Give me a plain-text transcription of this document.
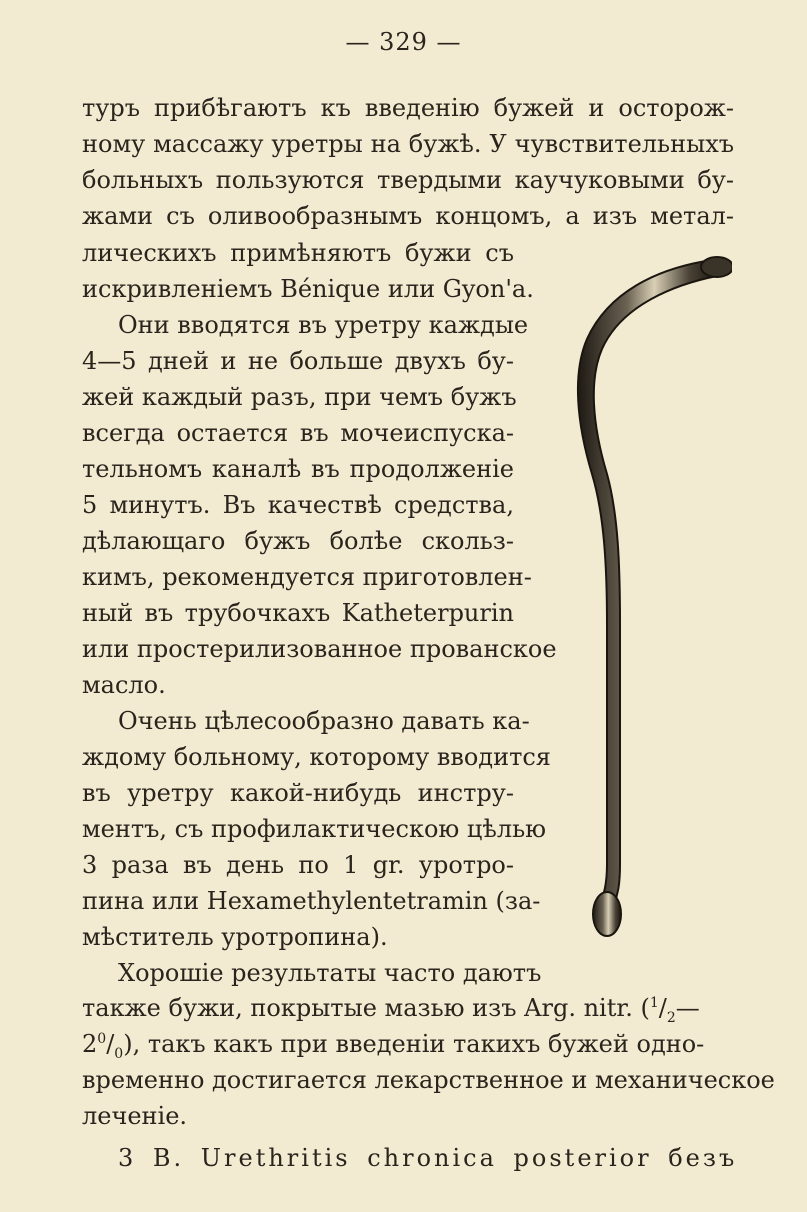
— 329 —
туръ прибѣгаютъ къ введенію бужей и осторож-
ному массажу уретры на бужѣ. У чувствительныхъ
больныхъ пользуются твердыми каучуковыми бу-
жами съ оливообразнымъ концомъ, а изъ метал-
лическихъ примѣняютъ бужи съ
искривленіемъ Bénique или Gyon'a.
Они вводятся въ уретру каждые
4—5 дней и не больше двухъ бу-
жей каждый разъ, при чемъ бужъ
всегда остается въ мочеиспуска-
тельномъ каналѣ въ продолженіе
5 минутъ. Въ качествѣ средства,
дѣлающаго бужъ болѣе скольз-
кимъ, рекомендуется приготовлен-
ный въ трубочкахъ Katheterpurin
или простерилизованное прованское
масло.
Очень цѣлесообразно давать ка-
ждому больному, которому вводится
въ уретру какой-нибудь инстру-
ментъ, съ профилактическою цѣлью
3 раза въ день по 1 gr. уротро-
пина или Hexamethylentetramin (за-
мѣститель уротропина).
Хорошіе результаты часто даютъ
также бужи, покрытые мазью изъ Arg. nitr. ($^1/_2—$
$2^0/_0$), такъ какъ при введеніи такихъ бужей одно-
временно достигается лекарственное и механическое
леченіе.
3 B. Urethritis chronica posterior безъ
